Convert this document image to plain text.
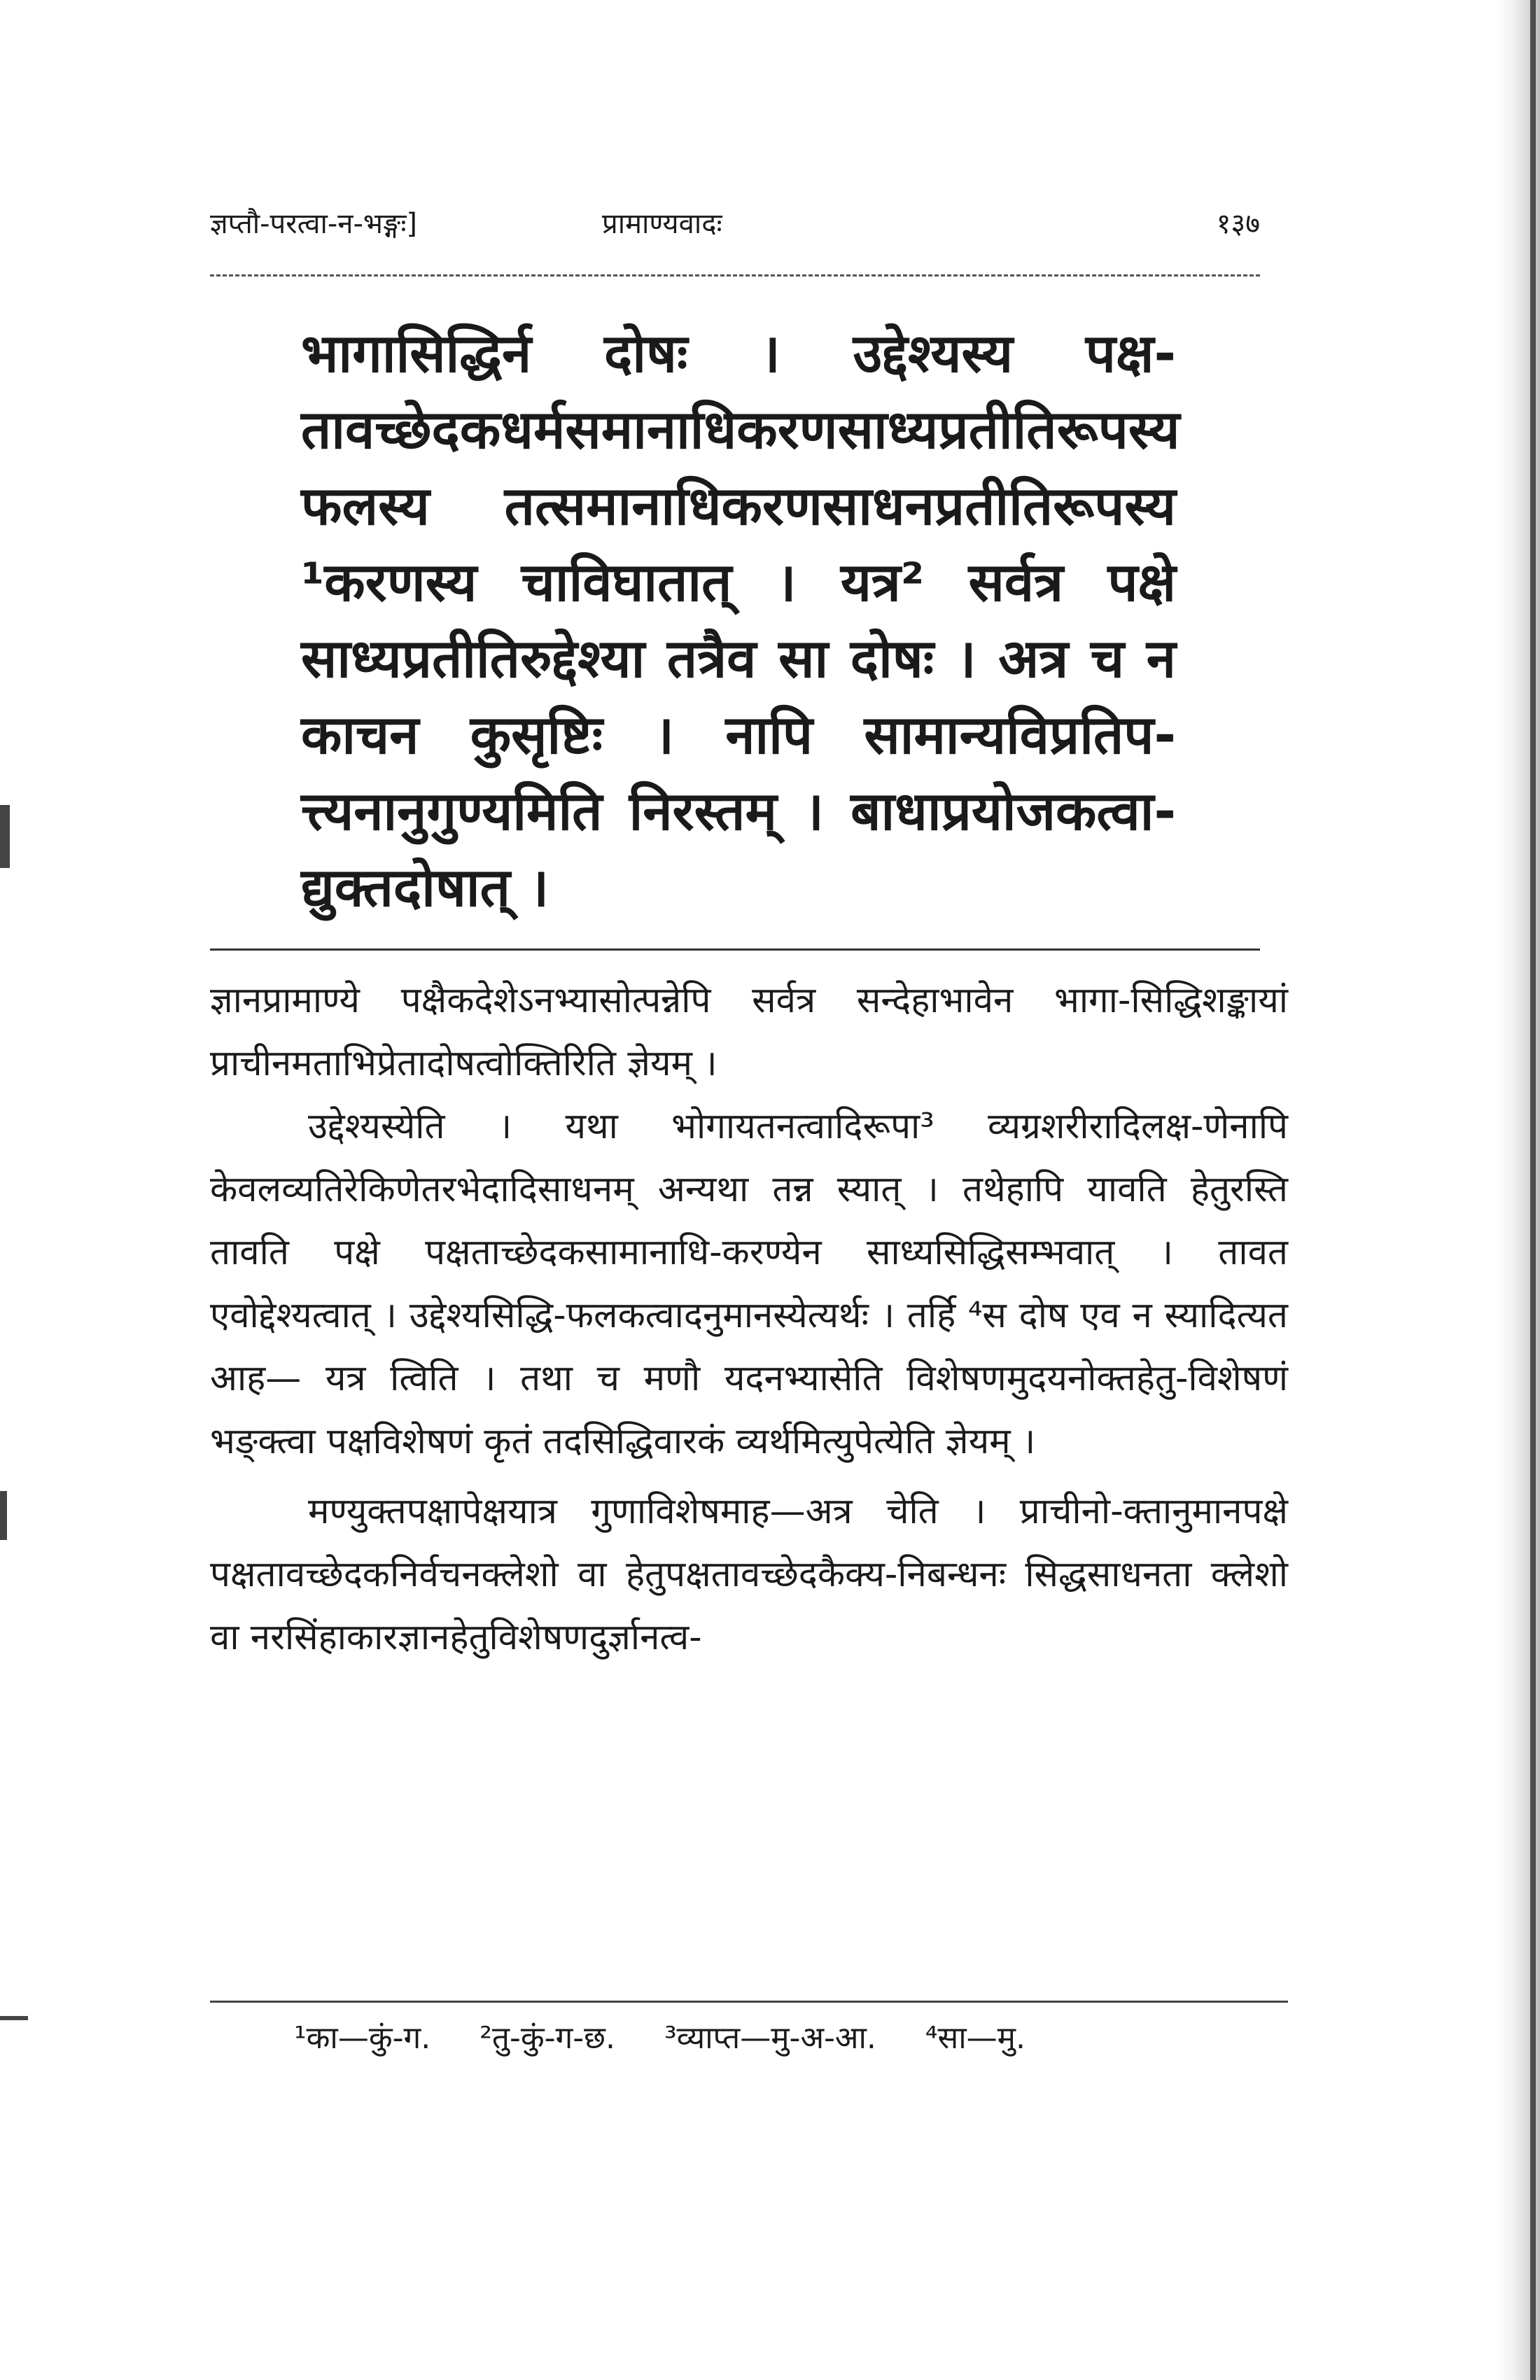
ज्ञप्तौ-परत्वा-न-भङ्गः]	प्रामाण्यवादः	१३७
भागासिद्धिर्न दोषः । उद्देश्यस्य पक्ष-तावच्छेदकधर्मसमानाधिकरणसाध्यप्रतीतिरूपस्य फलस्य तत्समानाधिकरणसाधनप्रतीतिरूपस्य ¹करणस्य चाविघातात् । यत्र² सर्वत्र पक्षे साध्यप्रतीतिरुद्देश्या तत्रैव सा दोषः । अत्र च न काचन कुसृष्टिः । नापि सामान्यविप्रतिप-त्त्यनानुगुण्यमिति निरस्तम् । बाधाप्रयोजकत्वा-द्युक्तदोषात् ।

ज्ञानप्रामाण्ये पक्षैकदेशेऽनभ्यासोत्पन्नेपि सर्वत्र सन्देहाभावेन भागा-सिद्धिशङ्कायां प्राचीनमताभिप्रेतादोषत्वोक्तिरिति ज्ञेयम् ।

उद्देश्यस्येति । यथा भोगायतनत्वादिरूपा³ व्यग्रशरीरादिलक्ष-णेनापि केवलव्यतिरेकिणेतरभेदादिसाधनम् अन्यथा तन्न स्यात् । तथेहापि यावति हेतुरस्ति तावति पक्षे पक्षताच्छेदकसामानाधि-करण्येन साध्यसिद्धिसम्भवात् । तावत एवोद्देश्यत्वात् । उद्देश्यसिद्धि-फलकत्वादनुमानस्येत्यर्थः । तर्हि ⁴स दोष एव न स्यादित्यत आह— यत्र त्विति । तथा च मणौ यदनभ्यासेति विशेषणमुदयनोक्तहेतु-विशेषणं भङ्क्त्वा पक्षविशेषणं कृतं तदसिद्धिवारकं व्यर्थमित्युपेत्येति ज्ञेयम् ।

मण्युक्तपक्षापेक्षयात्र गुणाविशेषमाह—अत्र चेति । प्राचीनो-क्तानुमानपक्षे पक्षतावच्छेदकनिर्वचनक्लेशो वा हेतुपक्षतावच्छेदकैक्य-निबन्धनः सिद्धसाधनता क्लेशो वा नरसिंहाकारज्ञानहेतुविशेषणदुर्ज्ञानत्व-

¹का—कुं-ग. ²तु-कुं-ग-छ. ³व्याप्त—मु-अ-आ. ⁴सा—मु.
